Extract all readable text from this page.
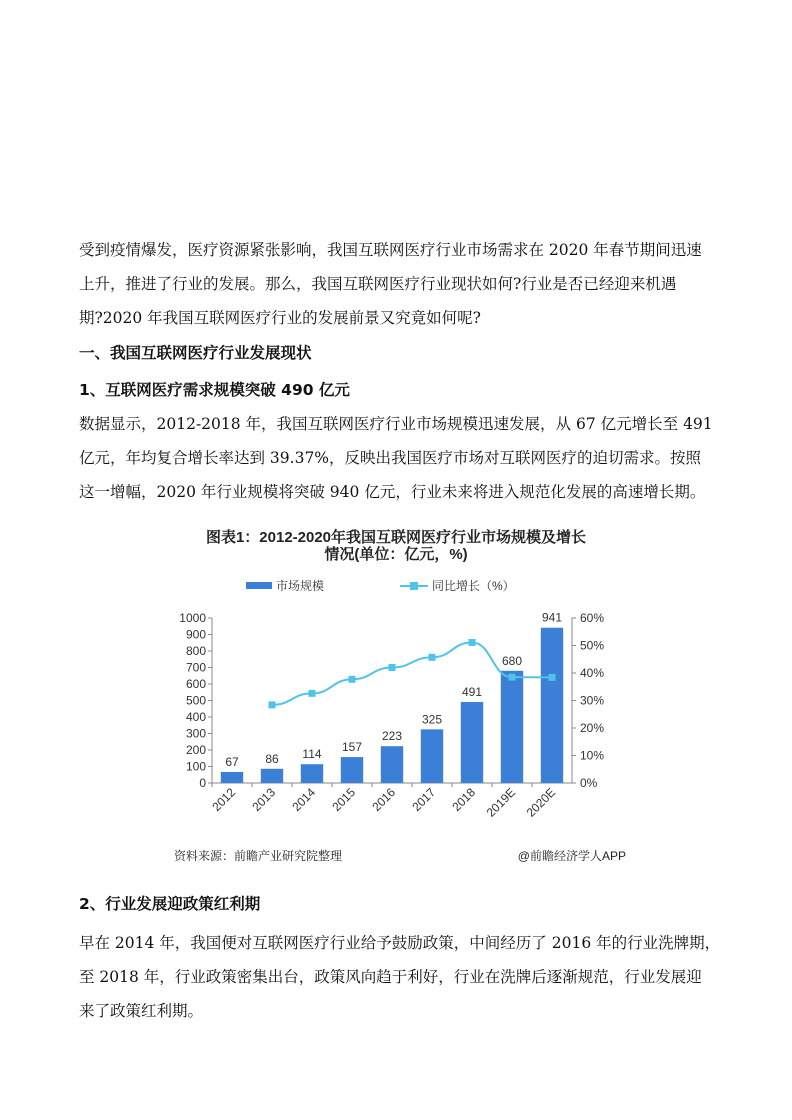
受到疫情爆发，医疗资源紧张影响，我国互联网医疗行业市场需求在 2020 年春节期间迅速
上升，推进了行业的发展。那么，我国互联网医疗行业现状如何?行业是否已经迎来机遇
期?2020 年我国互联网医疗行业的发展前景又究竟如何呢?
一、我国互联网医疗行业发展现状
1、互联网医疗需求规模突破 490 亿元
数据显示，2012-2018 年，我国互联网医疗行业市场规模迅速发展，从 67 亿元增长至 491
亿元，年均复合增长率达到 39.37%，反映出我国医疗市场对互联网医疗的迫切需求。按照
这一增幅，2020 年行业规模将突破 940 亿元，行业未来将进入规范化发展的高速增长期。
图表1：2012-2020年我国互联网医疗行业市场规模及增长
情况(单位：亿元，%)
市场规模	同比增长（%）
0
100
200
300
400
500
600
700
800
900
1000
0%
10%
20%
30%
40%
50%
60%
67
2012
86
2013
114
2014
157
2015
223
2016
325
2017
491
2018
680
2019E
941
2020E
资料来源：前瞻产业研究院整理	@前瞻经济学人APP
2、行业发展迎政策红利期
早在 2014 年，我国便对互联网医疗行业给予鼓励政策，中间经历了 2016 年的行业洗牌期，
至 2018 年，行业政策密集出台，政策风向趋于利好，行业在洗牌后逐渐规范，行业发展迎
来了政策红利期。
